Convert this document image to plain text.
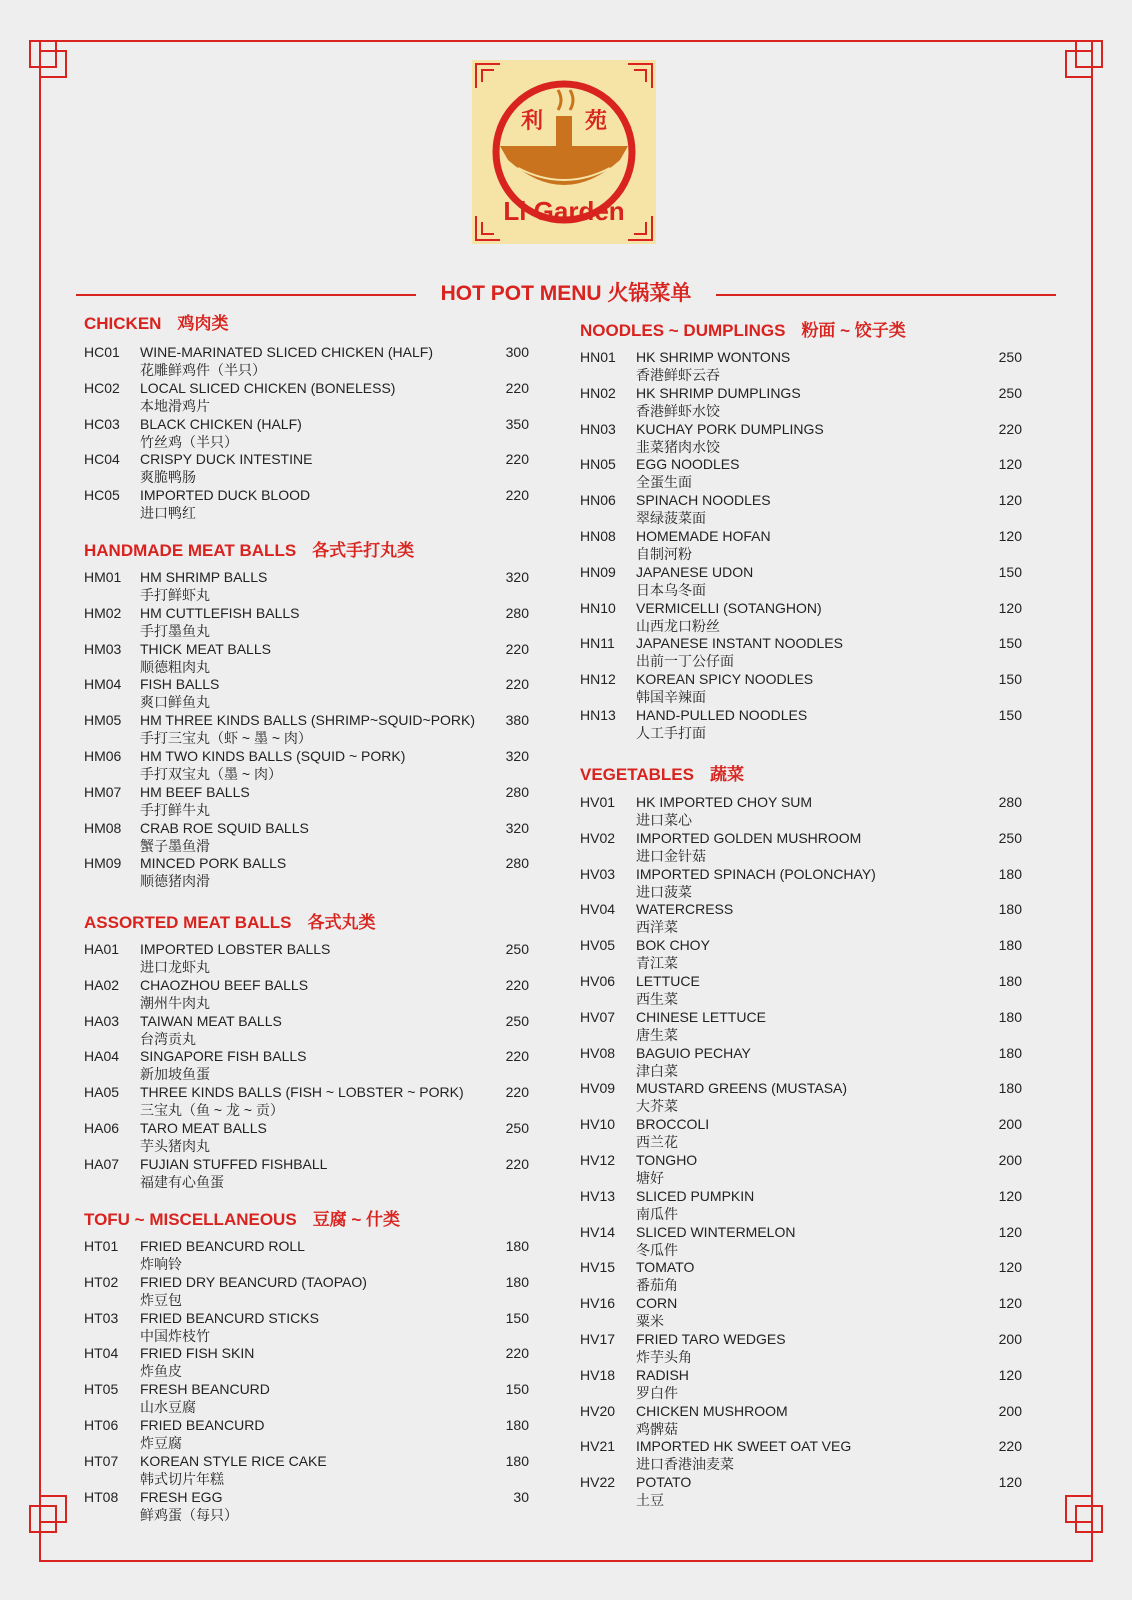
利 苑
Li Garden
HOT POT MENU 火锅菜单
CHICKEN 鸡肉类
HC01 WINE-MARINATED SLICED CHICKEN (HALF)
花雕鲜鸡件（半只）
300
HC02 LOCAL SLICED CHICKEN (BONELESS)
本地滑鸡片
220
HC03 BLACK CHICKEN (HALF)
竹丝鸡（半只）
350
HC04 CRISPY DUCK INTESTINE
爽脆鸭肠
220
HC05 IMPORTED DUCK BLOOD
进口鸭红
220
HANDMADE MEAT BALLS 各式手打丸类
HM01 HM SHRIMP BALLS
手打鲜虾丸
320
HM02 HM CUTTLEFISH BALLS
手打墨鱼丸
280
HM03 THICK MEAT BALLS
顺德粗肉丸
220
HM04 FISH BALLS
爽口鲜鱼丸
220
HM05 HM THREE KINDS BALLS (SHRIMP~SQUID~PORK)
手打三宝丸（虾 ~ 墨 ~ 肉）
380
HM06 HM TWO KINDS BALLS (SQUID ~ PORK)
手打双宝丸（墨 ~ 肉）
320
HM07 HM BEEF BALLS
手打鲜牛丸
280
HM08 CRAB ROE SQUID BALLS
蟹子墨鱼滑
320
HM09 MINCED PORK BALLS
顺德猪肉滑
280
ASSORTED MEAT BALLS 各式丸类
HA01 IMPORTED LOBSTER BALLS
进口龙虾丸
250
HA02 CHAOZHOU BEEF BALLS
潮州牛肉丸
220
HA03 TAIWAN MEAT BALLS
台湾贡丸
250
HA04 SINGAPORE FISH BALLS
新加坡鱼蛋
220
HA05 THREE KINDS BALLS (FISH ~ LOBSTER ~ PORK)
三宝丸（鱼 ~ 龙 ~ 贡）
220
HA06 TARO MEAT BALLS
芋头猪肉丸
250
HA07 FUJIAN STUFFED FISHBALL
福建有心鱼蛋
220
TOFU ~ MISCELLANEOUS 豆腐 ~ 什类
HT01 FRIED BEANCURD ROLL
炸响铃
180
HT02 FRIED DRY BEANCURD (TAOPAO)
炸豆包
180
HT03 FRIED BEANCURD STICKS
中国炸枝竹
150
HT04 FRIED FISH SKIN
炸鱼皮
220
HT05 FRESH BEANCURD
山水豆腐
150
HT06 FRIED BEANCURD
炸豆腐
180
HT07 KOREAN STYLE RICE CAKE
韩式切片年糕
180
HT08 FRESH EGG
鲜鸡蛋（每只）
30
NOODLES ~ DUMPLINGS 粉面 ~ 饺子类
HN01 HK SHRIMP WONTONS
香港鲜虾云吞
250
HN02 HK SHRIMP DUMPLINGS
香港鲜虾水饺
250
HN03 KUCHAY PORK DUMPLINGS
韭菜猪肉水饺
220
HN05 EGG NOODLES
全蛋生面
120
HN06 SPINACH NOODLES
翠绿菠菜面
120
HN08 HOMEMADE HOFAN
自制河粉
120
HN09 JAPANESE UDON
日本乌冬面
150
HN10 VERMICELLI (SOTANGHON)
山西龙口粉丝
120
HN11 JAPANESE INSTANT NOODLES
出前一丁公仔面
150
HN12 KOREAN SPICY NOODLES
韩国辛辣面
150
HN13 HAND-PULLED NOODLES
人工手打面
150
VEGETABLES 蔬菜
HV01 HK IMPORTED CHOY SUM
进口菜心
280
HV02 IMPORTED GOLDEN MUSHROOM
进口金针菇
250
HV03 IMPORTED SPINACH (POLONCHAY)
进口菠菜
180
HV04 WATERCRESS
西洋菜
180
HV05 BOK CHOY
青江菜
180
HV06 LETTUCE
西生菜
180
HV07 CHINESE LETTUCE
唐生菜
180
HV08 BAGUIO PECHAY
津白菜
180
HV09 MUSTARD GREENS (MUSTASA)
大芥菜
180
HV10 BROCCOLI
西兰花
200
HV12 TONGHO
塘好
200
HV13 SLICED PUMPKIN
南瓜件
120
HV14 SLICED WINTERMELON
冬瓜件
120
HV15 TOMATO
番茄角
120
HV16 CORN
粟米
120
HV17 FRIED TARO WEDGES
炸芋头角
200
HV18 RADISH
罗白件
120
HV20 CHICKEN MUSHROOM
鸡髀菇
200
HV21 IMPORTED HK SWEET OAT VEG
进口香港油麦菜
220
HV22 POTATO
土豆
120
